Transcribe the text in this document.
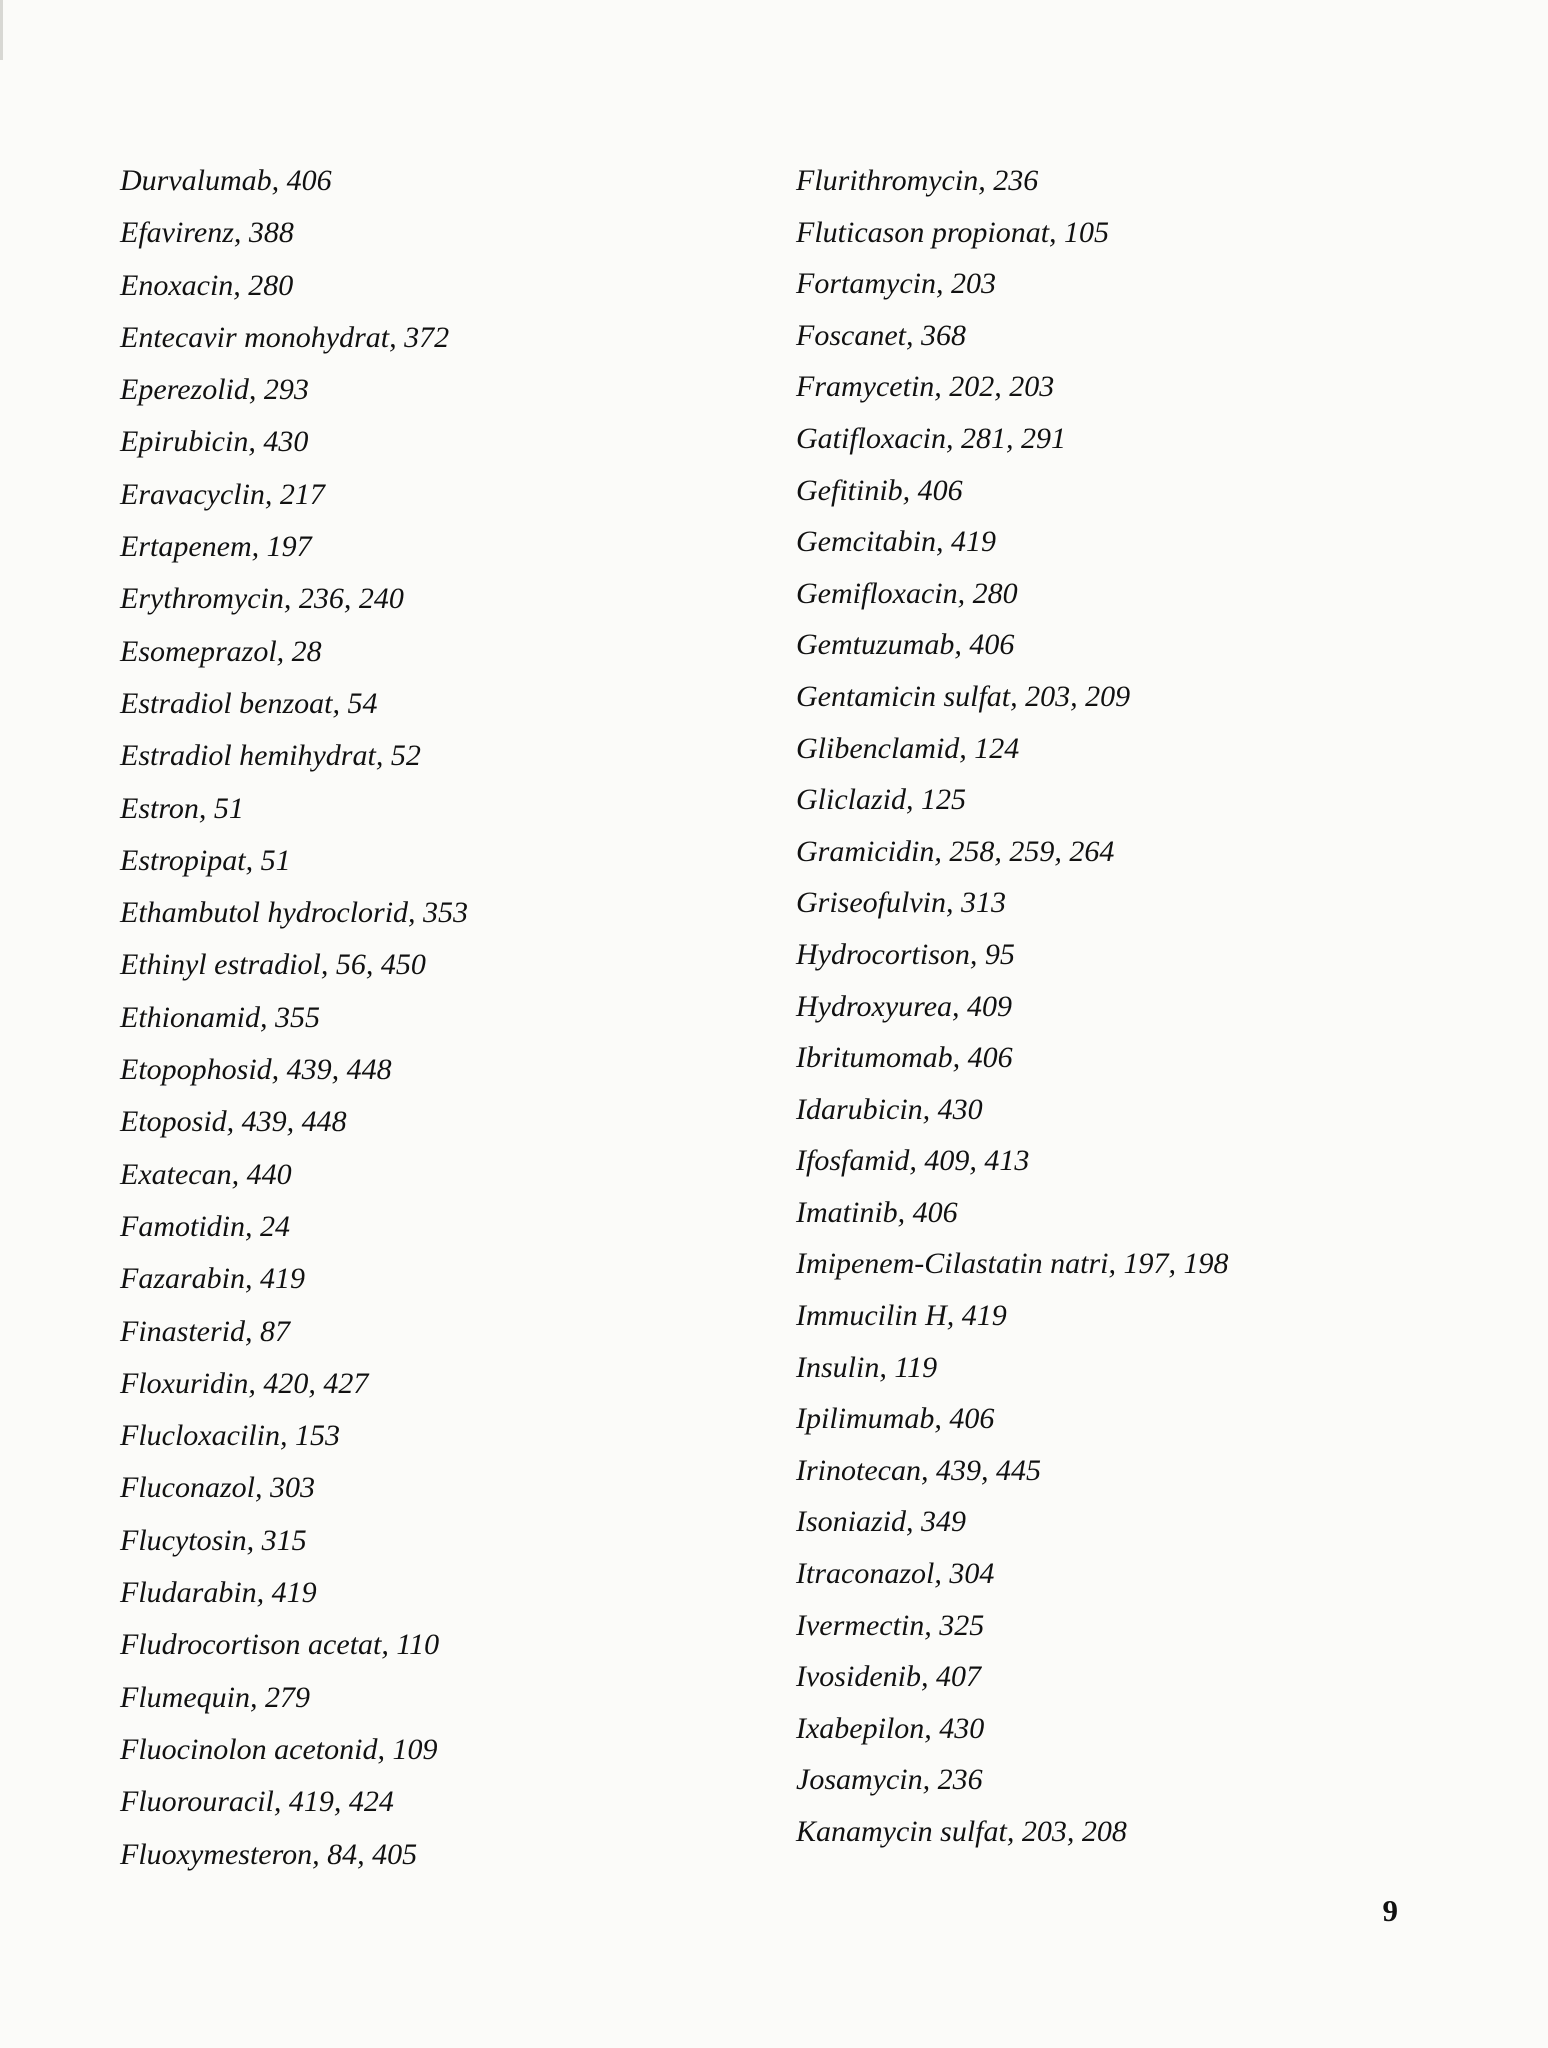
Durvalumab, 406
Efavirenz, 388
Enoxacin, 280
Entecavir monohydrat, 372
Eperezolid, 293
Epirubicin, 430
Eravacyclin, 217
Ertapenem, 197
Erythromycin, 236, 240
Esomeprazol, 28
Estradiol benzoat, 54
Estradiol hemihydrat, 52
Estron, 51
Estropipat, 51
Ethambutol hydroclorid, 353
Ethinyl estradiol, 56, 450
Ethionamid, 355
Etopophosid, 439, 448
Etoposid, 439, 448
Exatecan, 440
Famotidin, 24
Fazarabin, 419
Finasterid, 87
Floxuridin, 420, 427
Flucloxacilin, 153
Fluconazol, 303
Flucytosin, 315
Fludarabin, 419
Fludrocortison acetat, 110
Flumequin, 279
Fluocinolon acetonid, 109
Fluorouracil, 419, 424
Fluoxymesteron, 84, 405
Flurithromycin, 236
Fluticason propionat, 105
Fortamycin, 203
Foscanet, 368
Framycetin, 202, 203
Gatifloxacin, 281, 291
Gefitinib, 406
Gemcitabin, 419
Gemifloxacin, 280
Gemtuzumab, 406
Gentamicin sulfat, 203, 209
Glibenclamid, 124
Gliclazid, 125
Gramicidin, 258, 259, 264
Griseofulvin, 313
Hydrocortison, 95
Hydroxyurea, 409
Ibritumomab, 406
Idarubicin, 430
Ifosfamid, 409, 413
Imatinib, 406
Imipenem-Cilastatin natri, 197, 198
Immucilin H, 419
Insulin, 119
Ipilimumab, 406
Irinotecan, 439, 445
Isoniazid, 349
Itraconazol, 304
Ivermectin, 325
Ivosidenib, 407
Ixabepilon, 430
Josamycin, 236
Kanamycin sulfat, 203, 208
9
